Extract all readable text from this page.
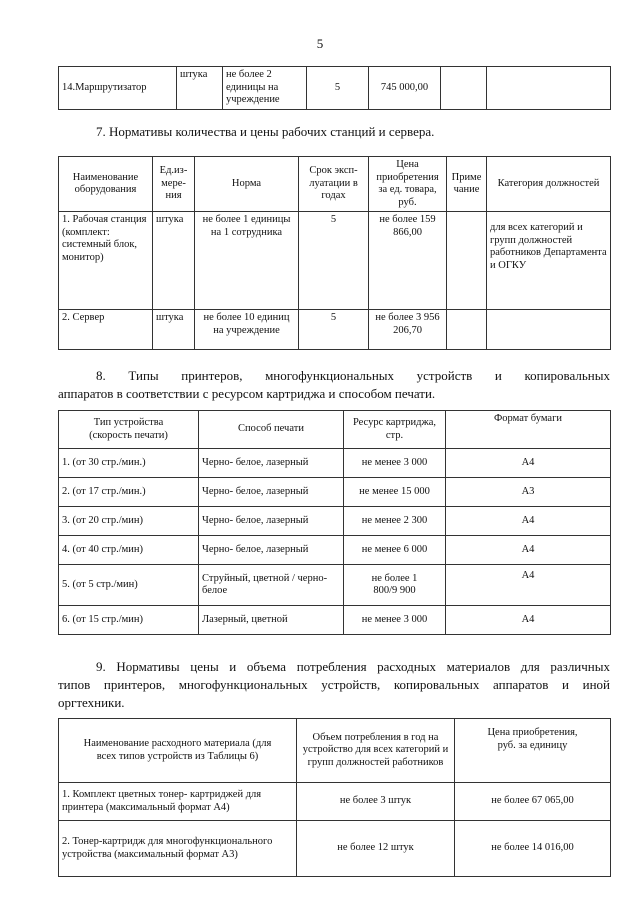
5
14.Маршрутизатор	штука	не более 2 единицы на учреждение	5	745 000,00		
7. Нормативы количества и цены рабочих станций и сервера.
Наименование оборудования	Ед.из-мере-ния	Норма	Срок эксп-луатации в годах	Цена приобретения за ед. товара, руб.	Приме чание	Категория должностей
1. Рабочая станция (комплект: системный блок, монитор)	штука	не более 1 единицы на 1 сотрудника	5	не более 159 866,00		для всех категорий и групп должностей работников Департамента и ОГКУ
2. Сервер	штука	не более 10 единиц на учреждение	5	не более 3 956 206,70		
8. Типы принтеров, многофункциональных устройств и копировальных
аппаратов в соответствии с ресурсом картриджа и способом печати.
Тип устройства (скорость печати)	Способ печати	Ресурс картриджа, стр.	Формат бумаги
1. (от 30 стр./мин.)	Черно- белое, лазерный	не менее 3 000	А4
2. (от 17 стр./мин.)	Черно- белое, лазерный	не менее 15 000	А3
3. (от 20 стр./мин)	Черно- белое, лазерный	не менее 2 300	А4
4. (от 40 стр./мин)	Черно- белое, лазерный	не менее 6 000	А4
5. (от 5 стр./мин)	Струйный, цветной / черно- белое	не более 1 800/9 900	А4
6. (от 15 стр./мин)	Лазерный, цветной	не менее 3 000	А4
9. Нормативы цены и объема потребления расходных материалов для различных
типов принтеров, многофункциональных устройств, копировальных аппаратов и иной
оргтехники.
Наименование расходного материала (для всех типов устройств из Таблицы 6)	Объем потребления в год на устройство для всех категорий и групп должностей работников	Цена приобретения, руб. за единицу
1. Комплект цветных тонер- картриджей для принтера (максимальный формат А4)	не более 3 штук	не более 67 065,00
2. Тонер-картридж для многофункционального устройства (максимальный формат А3)	не более 12 штук	не более 14 016,00
